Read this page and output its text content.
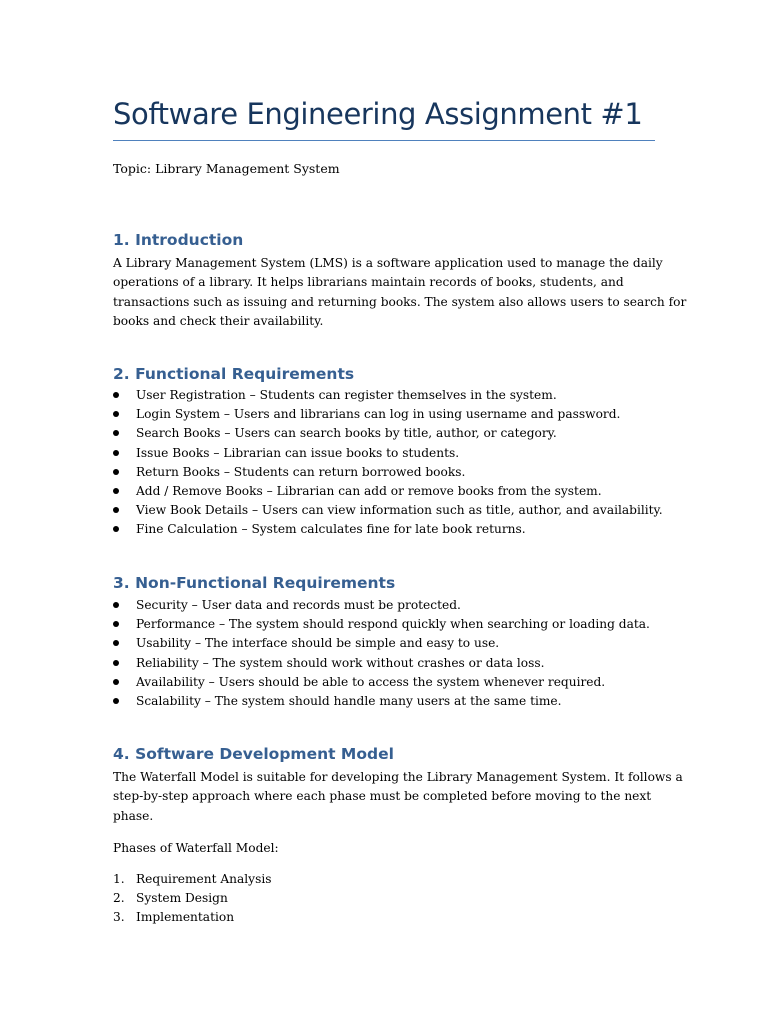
Software Engineering Assignment #1
Topic: Library Management System
1. Introduction
A Library Management System (LMS) is a software application used to manage the daily
operations of a library. It helps librarians maintain records of books, students, and
transactions such as issuing and returning books. The system also allows users to search for
books and check their availability.
2. Functional Requirements
User Registration – Students can register themselves in the system.
Login System – Users and librarians can log in using username and password.
Search Books – Users can search books by title, author, or category.
Issue Books – Librarian can issue books to students.
Return Books – Students can return borrowed books.
Add / Remove Books – Librarian can add or remove books from the system.
View Book Details – Users can view information such as title, author, and availability.
Fine Calculation – System calculates fine for late book returns.
3. Non-Functional Requirements
Security – User data and records must be protected.
Performance – The system should respond quickly when searching or loading data.
Usability – The interface should be simple and easy to use.
Reliability – The system should work without crashes or data loss.
Availability – Users should be able to access the system whenever required.
Scalability – The system should handle many users at the same time.
4. Software Development Model
The Waterfall Model is suitable for developing the Library Management System. It follows a
step-by-step approach where each phase must be completed before moving to the next
phase.
Phases of Waterfall Model:
1. Requirement Analysis
2. System Design
3. Implementation
